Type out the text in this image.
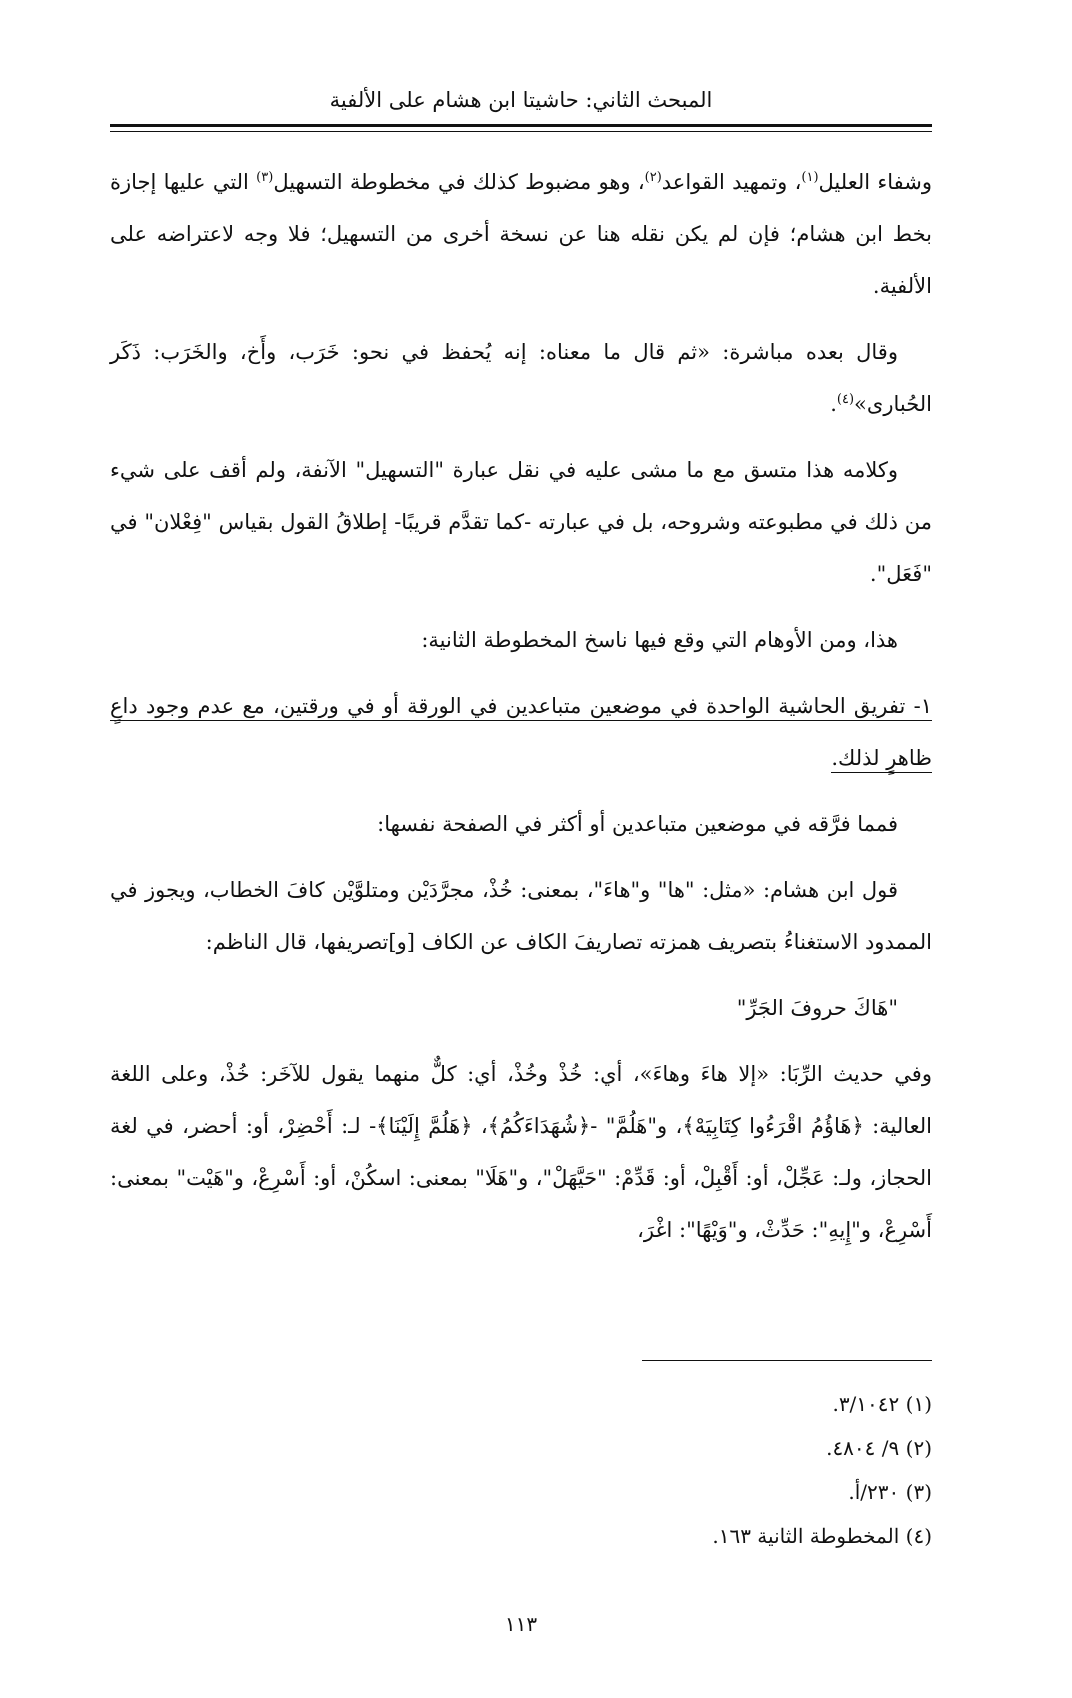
المبحث الثاني: حاشيتا ابن هشام على الألفية

وشفاء العليل$^{(١)}$، وتمهيد القواعد$^{(٢)}$، وهو مضبوط كذلك في مخطوطة التسهيل$^{(٣)}$ التي عليها إجازة بخط ابن هشام؛ فإن لم يكن نقله هنا عن نسخة أخرى من التسهيل؛ فلا وجه لاعتراضه على الألفية.

وقال بعده مباشرة: «ثم قال ما معناه: إنه يُحفظ في نحو: خَرَب، وأَخ، والخَرَب: ذَكَر الحُبارى»$^{(٤)}$.

وكلامه هذا متسق مع ما مشى عليه في نقل عبارة "التسهيل" الآنفة، ولم أقف على شيء من ذلك في مطبوعته وشروحه، بل في عبارته -كما تقدَّم قريبًا- إطلاقُ القول بقياس "فِعْلان" في "فَعَل".

هذا، ومن الأوهام التي وقع فيها ناسخ المخطوطة الثانية:

١- تفريق الحاشية الواحدة في موضعين متباعدين في الورقة أو في ورقتين، مع عدم وجود داعٍ ظاهرٍ لذلك.

فمما فرَّقه في موضعين متباعدين أو أكثر في الصفحة نفسها:

قول ابن هشام: «مثل: "ها" و"هاءَ"، بمعنى: خُذْ، مجرَّدَيْن ومتلوَّيْن كافَ الخطاب، ويجوز في الممدود الاستغناءُ بتصريف همزته تصاريفَ الكاف عن الكاف [و]تصريفها، قال الناظم:

"هَاكَ حروفَ الجَرِّ"

وفي حديث الرِّبَا: «إلا هاءَ وهاءَ»، أي: خُذْ وخُذْ، أي: كلٌّ منهما يقول للآخَر: خُذْ، وعلى اللغة العالية: ﴿هَاؤُمُ اقْرَءُوا كِتَابِيَهْ﴾، و"هَلُمَّ" -﴿شُهَدَاءَكُمُ﴾، ﴿هَلُمَّ إِلَيْنَا﴾- لـ: أَحْضِرْ، أو: أحضر، في لغة الحجاز، ولـ: عَجِّلْ، أو: أَقْبِلْ، أو: قَدِّمْ: "حَيَّهَلْ"، و"هَلَا" بمعنى: اسكُنْ، أو: أَسْرِعْ، و"هَيْت" بمعنى: أَسْرِعْ، و"إِيهِ": حَدِّثْ، و"وَيْهًا": اغْرَ،

(١) ٣/١٠٤٢.

(٢) ٩/ ٤٨٠٤.

(٣) ٢٣٠/أ.

(٤) المخطوطة الثانية ١٦٣.

١١٣
